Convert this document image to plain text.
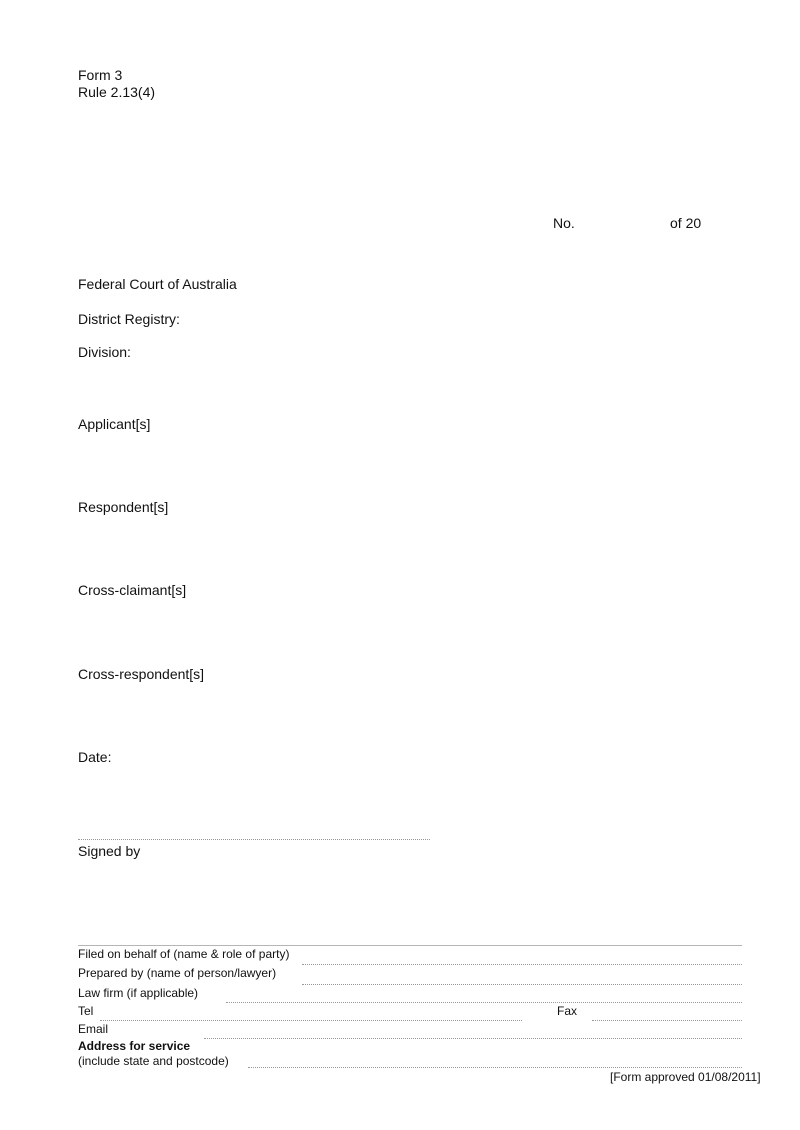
Form 3
Rule 2.13(4)
No.	of 20
Federal Court of Australia
District Registry:
Division:
Applicant[s]
Respondent[s]
Cross-claimant[s]
Cross-respondent[s]
Date:
Signed by
Filed on behalf of (name & role of party)
Prepared by (name of person/lawyer)
Law firm (if applicable)
Tel	Fax
Email
Address for service
(include state and postcode)
[Form approved 01/08/2011]
